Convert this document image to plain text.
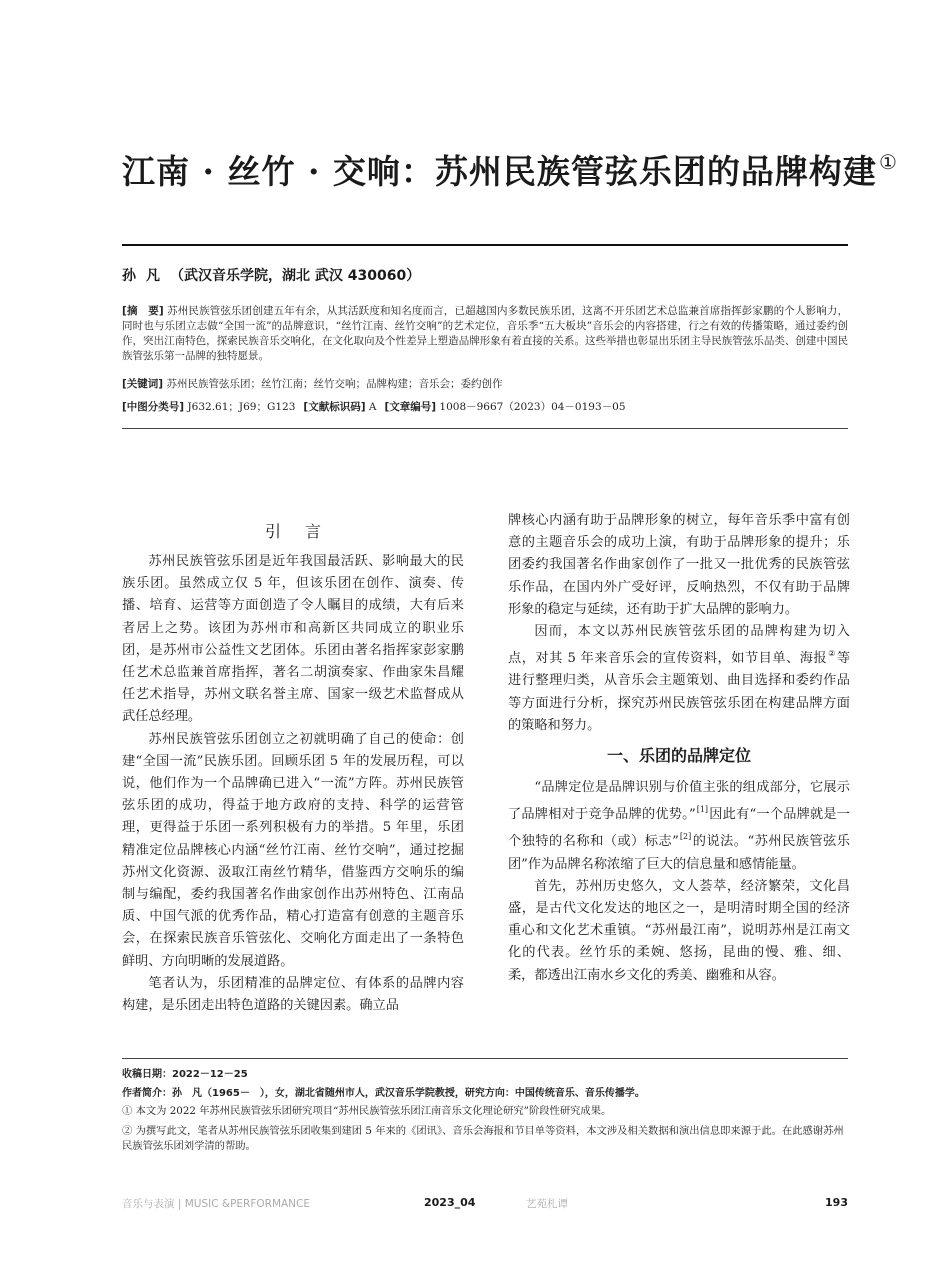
江南 · 丝竹 · 交响：苏州民族管弦乐团的品牌构建 ①
孙凡（武汉音乐学院，湖北 武汉 430060）
[摘　要] 苏州民族管弦乐团创建五年有余，从其活跃度和知名度而言，已超越国内多数民族乐团，这离不开乐团艺术总监兼首席指挥彭家鹏的个人影响力，同时也与乐团立志做“全国一流”的品牌意识，“丝竹江南、丝竹交响”的艺术定位，音乐季“五大板块”音乐会的内容搭建，行之有效的传播策略，通过委约创作，突出江南特色，探索民族音乐交响化，在文化取向及个性差异上塑造品牌形象有着直接的关系。这些举措也彰显出乐团主导民族管弦乐品类、创建中国民族管弦乐第一品牌的独特愿景。
[关键词] 苏州民族管弦乐团；丝竹江南；丝竹交响；品牌构建；音乐会；委约创作
[中图分类号] J632.61；J69；G123 [文献标识码] A [文章编号] 1008－9667（2023）04－0193－05
引言

苏州民族管弦乐团是近年我国最活跃、影响最大的民族乐团。虽然成立仅 5 年，但该乐团在创作、演奏、传播、培育、运营等方面创造了令人瞩目的成绩，大有后来者居上之势。该团为苏州市和高新区共同成立的职业乐团，是苏州市公益性文艺团体。乐团由著名指挥家彭家鹏任艺术总监兼首席指挥，著名二胡演奏家、作曲家朱昌耀任艺术指导，苏州文联名誉主席、国家一级艺术监督成从武任总经理。

苏州民族管弦乐团创立之初就明确了自己的使命：创建“全国一流”民族乐团。回顾乐团 5 年的发展历程，可以说，他们作为一个品牌确已进入“一流”方阵。苏州民族管弦乐团的成功，得益于地方政府的支持、科学的运营管理，更得益于乐团一系列积极有力的举措。5 年里，乐团精准定位品牌核心内涵“丝竹江南、丝竹交响”，通过挖掘苏州文化资源、汲取江南丝竹精华，借鉴西方交响乐的编制与编配，委约我国著名作曲家创作出苏州特色、江南品质、中国气派的优秀作品，精心打造富有创意的主题音乐会，在探索民族音乐管弦化、交响化方面走出了一条特色鲜明、方向明晰的发展道路。

笔者认为，乐团精准的品牌定位、有体系的品牌内容构建，是乐团走出特色道路的关键因素。确立品

牌核心内涵有助于品牌形象的树立，每年音乐季中富有创意的主题音乐会的成功上演，有助于品牌形象的提升；乐团委约我国著名作曲家创作了一批又一批优秀的民族管弦乐作品，在国内外广受好评，反响热烈，不仅有助于品牌形象的稳定与延续，还有助于扩大品牌的影响力。

因而，本文以苏州民族管弦乐团的品牌构建为切入点，对其 5 年来音乐会的宣传资料，如节目单、海报②等进行整理归类，从音乐会主题策划、曲目选择和委约作品等方面进行分析，探究苏州民族管弦乐团在构建品牌方面的策略和努力。

一、乐团的品牌定位

“品牌定位是品牌识别与价值主张的组成部分，它展示了品牌相对于竞争品牌的优势。”[1]因此有“一个品牌就是一个独特的名称和（或）标志”[2]的说法。“苏州民族管弦乐团”作为品牌名称浓缩了巨大的信息量和感情能量。

首先，苏州历史悠久，文人荟萃，经济繁荣，文化昌盛，是古代文化发达的地区之一，是明清时期全国的经济重心和文化艺术重镇。“苏州最江南”，说明苏州是江南文化的代表。丝竹乐的柔婉、悠扬，昆曲的慢、雅、细、柔，都透出江南水乡文化的秀美、幽雅和从容。

收稿日期：2022－12－25
作者简介：孙　凡（1965－　），女，湖北省随州市人，武汉音乐学院教授，研究方向：中国传统音乐、音乐传播学。
① 本文为 2022 年苏州民族管弦乐团研究项目“苏州民族管弦乐团江南音乐文化理论研究”阶段性研究成果。
② 为撰写此文，笔者从苏州民族管弦乐团收集到建团 5 年来的《团讯》、音乐会海报和节目单等资料，本文涉及相关数据和演出信息即来源于此。在此感谢苏州民族管弦乐团刘学清的帮助。
音乐与表演 | MUSIC &PERFORMANCE	2023_04	艺苑札谭	193
